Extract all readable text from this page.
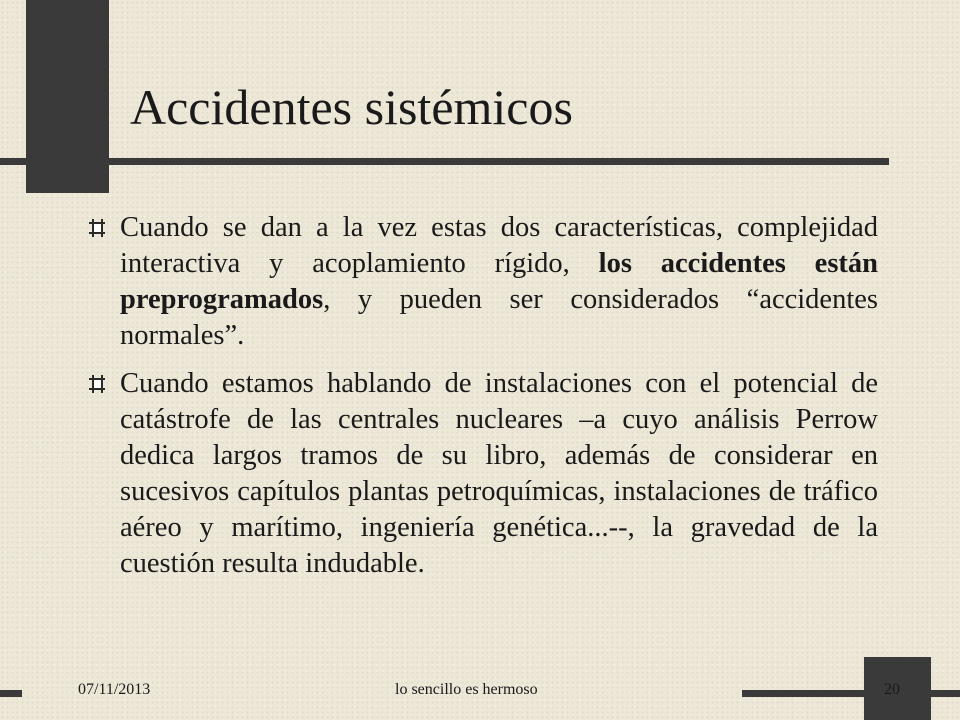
Accidentes sistémicos
Cuando se dan a la vez estas dos características, complejidad interactiva y acoplamiento rígido, los accidentes están preprogramados, y pueden ser considerados “accidentes normales”.
Cuando estamos hablando de instalaciones con el potencial de catástrofe de las centrales nucleares –a cuyo análisis Perrow dedica largos tramos de su libro, además de considerar en sucesivos capítulos plantas petroquímicas, instalaciones de tráfico aéreo y marítimo, ingeniería genética...--, la gravedad de la cuestión resulta indudable.
07/11/2013	lo sencillo es hermoso	20
